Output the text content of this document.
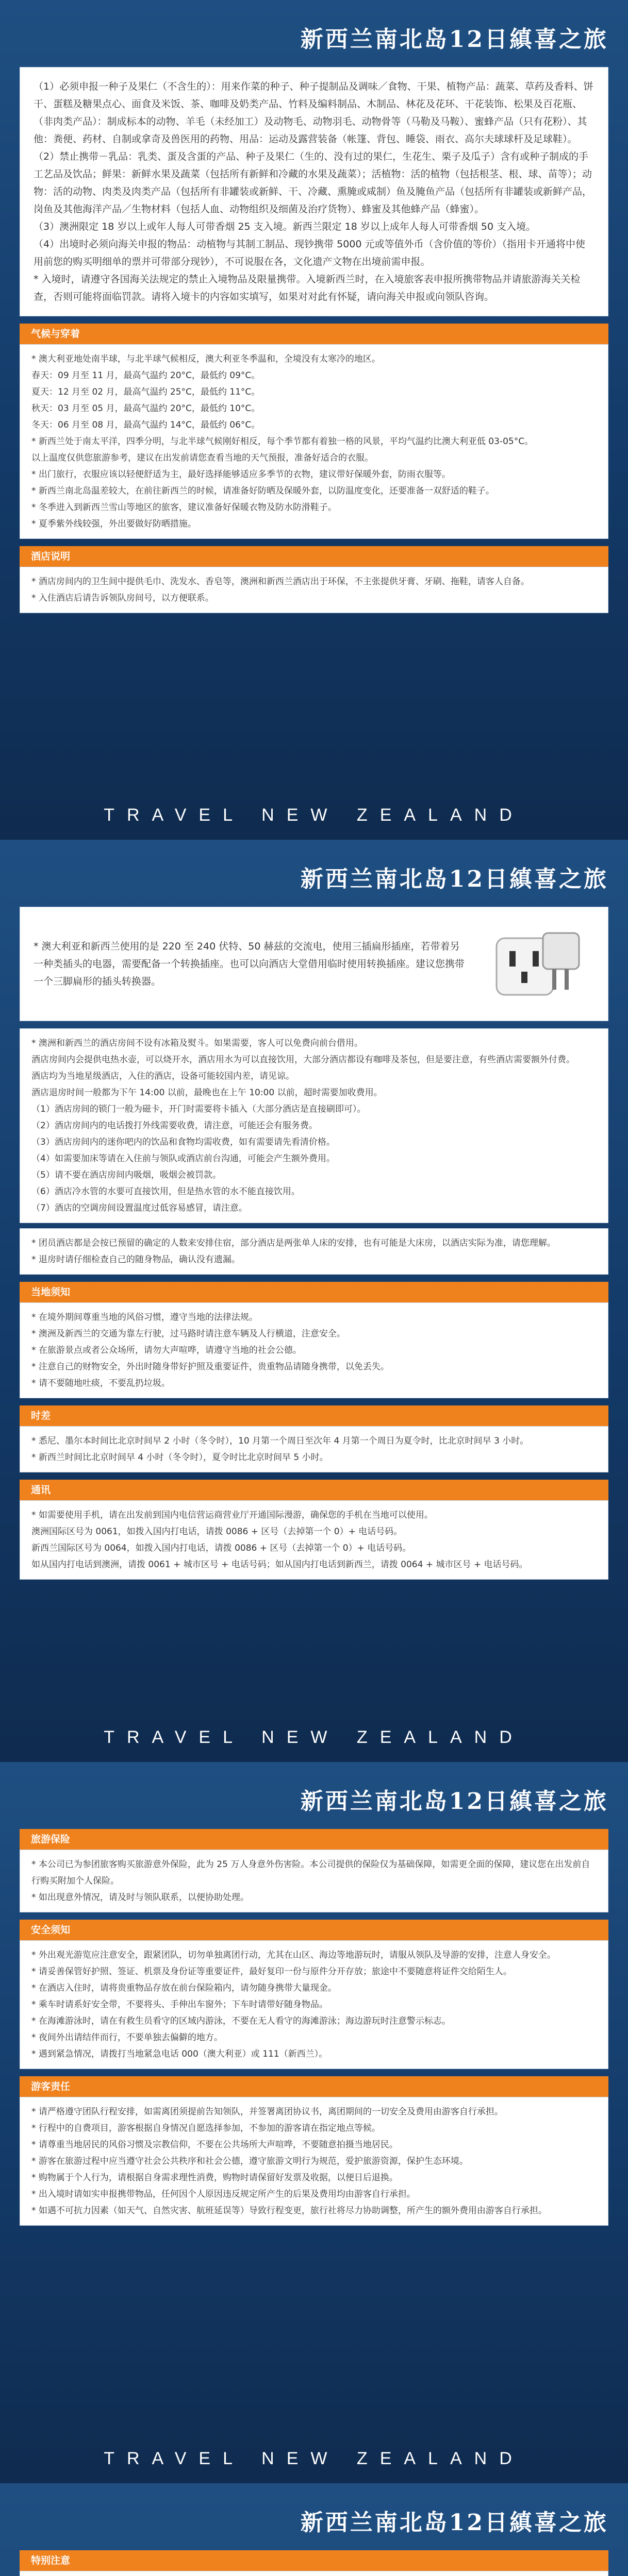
新西兰南北岛12日縝喜之旅

（1）必须申报一种子及果仁（不含生的）：用来作菜的种子、种子提制品及调味／食物、干果、植物产品：蔬菜、草药及香料、饼干、蛋糕及糖果点心、面食及米饭、茶、咖啡及奶类产品、竹料及编料制品、木制品、林花及花环、干花装饰、松果及百花瓶、（非肉类产品）：制成标本的动物、羊毛（未经加工）及动物毛、动物羽毛、动物骨等（马勒及马鞍）、蜜蜂产品（只有花粉）、其他：粪便、药材、自制或拿奇及兽医用的药物、用品：运动及露营装备（帐篷、背包、睡袋、雨衣、高尔夫球球杆及足球鞋）。

（2）禁止携带－乳品：乳类、蛋及含蛋的产品、种子及果仁（生的、没有过的果仁，生花生、栗子及瓜子）含有或种子制成的手工艺品及饮品；鲜果：新鲜水果及蔬菜（包括所有新鲜和冷藏的水果及蔬菜）；活植物：活的植物（包括根茎、根、球、苗等）；动物：活的动物、肉类及肉类产品（包括所有非罐装或新鲜、干、冷藏、熏腌或咸制）鱼及腌鱼产品（包括所有非罐装或新鲜产品，岗鱼及其他海洋产品／生物材料（包括人血、动物组织及细菌及治疗货物）、蜂蜜及其他蜂产品（蜂蜜）。

（3）澳洲限定 18 岁以上或年人每人可带香烟 25 支入境。新西兰限定 18 岁以上成年人每人可带香烟 50 支入境。

（4）出境时必须向海关申报的物品：动植物与其制工制品、现钞携带 5000 元或等值外币（含价值的等价）（指用卡开通将中使用前您的购买明细单的票并可带部分现钞），不可说服在各，文化遗产文物在出境前需申报。

* 入境时，请遵守各国海关法规定的禁止入境物品及限量携带。入境新西兰时，在入境旅客表申报所携带物品并请旅游海关关检查，否则可能将面临罚款。请将入境卡的内容如实填写，如果对对此有怀疑，请向海关申报或向领队咨询。

气候与穿着

* 澳大利亚地处南半球，与北半球气候相反，澳大利亚冬季温和，全境没有太寒冷的地区。

春天：09 月至 11 月，最高气温约 20°C，最低约 09°C。

夏天：12 月至 02 月，最高气温约 25°C，最低约 11°C。

秋天：03 月至 05 月，最高气温约 20°C，最低约 10°C。

冬天：06 月至 08 月，最高气温约 14°C，最低约 06°C。

* 新西兰处于南太平洋，四季分明，与北半球气候刚好相反，每个季节都有着独一格的风景，平均气温约比澳大利亚低 03-05°C。

以上温度仅供您旅游参考，建议在出发前请您查看当地的天气预报，准备好适合的衣服。

* 出门旅行，衣服应该以轻便舒适为主，最好选择能够适应多季节的衣物，建议带好保暖外套，防雨衣服等。

* 新西兰南北岛温差较大，在前往新西兰的时候，请准备好防晒及保暖外套，以防温度变化，还要准备一双舒适的鞋子。

* 冬季进入到新西兰雪山等地区的旅客，建议准备好保暖衣物及防水防滑鞋子。

* 夏季紫外线较强，外出要做好防晒措施。

酒店说明

* 酒店房间内的卫生间中提供毛巾、洗发水、香皂等，澳洲和新西兰酒店出于环保，不主张提供牙膏、牙刷、拖鞋，请客人自备。

* 入住酒店后请告诉领队房间号，以方便联系。

TRAVEL NEW ZEALAND
新西兰南北岛12日縝喜之旅
* 澳大利亚和新西兰使用的是 220 至 240 伏特、50 赫兹的交流电，使用三插扁形插座，若带着另一种类插头的电器，需要配备一个转换插座。也可以向酒店大堂借用临时使用转换插座。建议您携带一个三脚扁形的插头转换器。

* 澳洲和新西兰的酒店房间不设有冰箱及熨斗。如果需要，客人可以免费向前台借用。

酒店房间内会提供电热水壶，可以烧开水，酒店用水为可以直接饮用，大部分酒店都设有咖啡及茶包，但是要注意，有些酒店需要额外付费。

酒店均为当地星级酒店，入住的酒店，设备可能较国内差，请见谅。

酒店退房时间一般都为下午 14:00 以前，最晚也在上午 10:00 以前，超时需要加收费用。

（1）酒店房间的锁门一般为磁卡，开门时需要将卡插入（大部分酒店是直接刷即可）。

（2）酒店房间内的电话拨打外线需要收费，请注意，可能还会有服务费。

（3）酒店房间内的迷你吧内的饮品和食物均需收费，如有需要请先看清价格。

（4）如需要加床等请在入住前与领队或酒店前台沟通，可能会产生额外费用。

（5）请不要在酒店房间内吸烟，吸烟会被罚款。

（6）酒店冷水管的水要可直接饮用，但是热水管的水不能直接饮用。

（7）酒店的空调房间设置温度过低容易感冒，请注意。

* 团员酒店都是会按已预留的确定的人数来安排住宿，部分酒店是两张单人床的安排，也有可能是大床房，以酒店实际为准，请您理解。

* 退房时请仔细检查自己的随身物品，确认没有遗漏。

当地须知

* 在境外期间尊重当地的风俗习惯，遵守当地的法律法规。

* 澳洲及新西兰的交通为靠左行驶，过马路时请注意车辆及人行横道，注意安全。

* 在旅游景点或者公众场所，请勿大声喧哗，请遵守当地的社会公德。

* 注意自己的财物安全，外出时随身带好护照及重要证件，贵重物品请随身携带，以免丢失。

* 请不要随地吐痰，不要乱扔垃圾。

时差

* 悉尼、墨尔本时间比北京时间早 2 小时（冬令时），10 月第一个周日至次年 4 月第一个周日为夏令时，比北京时间早 3 小时。

* 新西兰时间比北京时间早 4 小时（冬令时），夏令时比北京时间早 5 小时。

通讯

* 如需要使用手机，请在出发前到国内电信营运商营业厅开通国际漫游，确保您的手机在当地可以使用。

澳洲国际区号为 0061，如拨入国内打电话，请拨 0086 + 区号（去掉第一个 0）+ 电话号码。

新西兰国际区号为 0064，如拨入国内打电话，请拨 0086 + 区号（去掉第一个 0）+ 电话号码。

如从国内打电话到澳洲，请拨 0061 + 城市区号 + 电话号码；如从国内打电话到新西兰，请拨 0064 + 城市区号 + 电话号码。

TRAVEL NEW ZEALAND
新西兰南北岛12日縝喜之旅
旅游保险

* 本公司已为参团旅客购买旅游意外保险，此为 25 万人身意外伤害险。本公司提供的保险仅为基础保障，如需更全面的保障，建议您在出发前自行购买附加个人保险。

* 如出现意外情况，请及时与领队联系，以便协助处理。

安全须知

* 外出观光游览应注意安全，跟紧团队，切勿单独离团行动，尤其在山区、海边等地游玩时，请服从领队及导游的安排，注意人身安全。

* 请妥善保管好护照、签证、机票及身份证等重要证件，最好复印一份与原件分开存放；旅途中不要随意将证件交给陌生人。

* 在酒店入住时，请将贵重物品存放在前台保险箱内，请勿随身携带大量现金。

* 乘车时请系好安全带，不要将头、手伸出车窗外；下车时请带好随身物品。

* 在海滩游泳时，请在有救生员看守的区域内游泳，不要在无人看守的海滩游泳；海边游玩时注意警示标志。

* 夜间外出请结伴而行，不要单独去偏僻的地方。

* 遇到紧急情况，请拨打当地紧急电话 000（澳大利亚）或 111（新西兰）。

游客责任

* 请严格遵守团队行程安排，如需离团须提前告知领队，并签署离团协议书，离团期间的一切安全及费用由游客自行承担。

* 行程中的自费项目，游客根据自身情况自愿选择参加，不参加的游客请在指定地点等候。

* 请尊重当地居民的风俗习惯及宗教信仰，不要在公共场所大声喧哗，不要随意拍摄当地居民。

* 游客在旅游过程中应当遵守社会公共秩序和社会公德，遵守旅游文明行为规范，爱护旅游资源，保护生态环境。

* 购物属于个人行为，请根据自身需求理性消费，购物时请保留好发票及收据，以便日后退换。

* 出入境时请如实申报携带物品，任何因个人原因违反规定所产生的后果及费用均由游客自行承担。

* 如遇不可抗力因素（如天气、自然灾害、航班延误等）导致行程变更，旅行社将尽力协助调整，所产生的额外费用由游客自行承担。

TRAVEL NEW ZEALAND
新西兰南北岛12日縝喜之旅
特别注意
